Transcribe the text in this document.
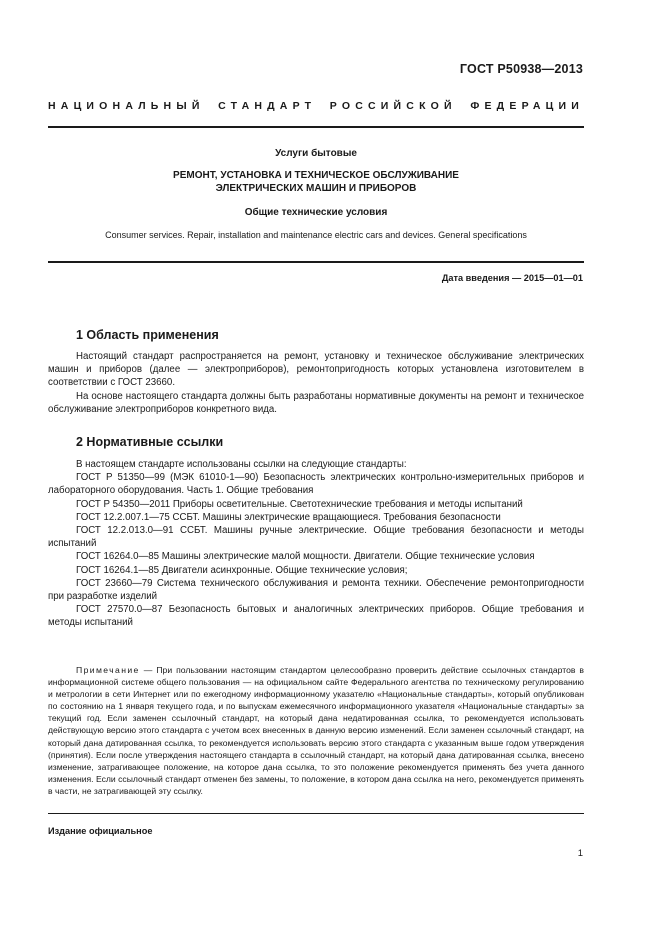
ГОСТ Р50938—2013
НАЦИОНАЛЬНЫЙ СТАНДАРТ РОССИЙСКОЙ ФЕДЕРАЦИИ
Услуги бытовые
РЕМОНТ, УСТАНОВКА И ТЕХНИЧЕСКОЕ ОБСЛУЖИВАНИЕ
ЭЛЕКТРИЧЕСКИХ МАШИН И ПРИБОРОВ
Общие технические условия
Consumer services. Repair, installation and maintenance electric cars and devices. General specifications
Дата введения — 2015—01—01
1 Область применения

Настоящий стандарт распространяется на ремонт, установку и техническое обслуживание электрических машин и приборов (далее — электроприборов), ремонтопригодность которых установлена изготовителем в соответствии с ГОСТ 23660.

На основе настоящего стандарта должны быть разработаны нормативные документы на ремонт и техническое обслуживание электроприборов конкретного вида.

2 Нормативные ссылки

В настоящем стандарте использованы ссылки на следующие стандарты:

ГОСТ Р 51350—99 (МЭК 61010-1—90) Безопасность электрических контрольно-измерительных приборов и лабораторного оборудования. Часть 1. Общие требования

ГОСТ Р 54350—2011 Приборы осветительные. Светотехнические требования и методы испытаний

ГОСТ 12.2.007.1—75 ССБТ. Машины электрические вращающиеся. Требования безопасности

ГОСТ 12.2.013.0—91 ССБТ. Машины ручные электрические. Общие требования безопасности и методы испытаний

ГОСТ 16264.0—85 Машины электрические малой мощности. Двигатели. Общие технические условия

ГОСТ 16264.1—85 Двигатели асинхронные. Общие технические условия;

ГОСТ 23660—79 Система технического обслуживания и ремонта техники. Обеспечение ремонтопригодности при разработке изделий

ГОСТ 27570.0—87 Безопасность бытовых и аналогичных электрических приборов. Общие требования и методы испытаний

Примечание — При пользовании настоящим стандартом целесообразно проверить действие ссылочных стандартов в информационной системе общего пользования — на официальном сайте Федерального агентства по техническому регулированию и метрологии в сети Интернет или по ежегодному информационному указателю «Национальные стандарты», который опубликован по состоянию на 1 января текущего года, и по выпускам ежемесячного информационного указателя «Национальные стандарты» за текущий год. Если заменен ссылочный стандарт, на который дана недатированная ссылка, то рекомендуется использовать действующую версию этого стандарта с учетом всех внесенных в данную версию изменений. Если заменен ссылочный стандарт, на который дана датированная ссылка, то рекомендуется использовать версию этого стандарта с указанным выше годом утверждения (принятия). Если после утверждения настоящего стандарта в ссылочный стандарт, на который дана датированная ссылка, внесено изменение, затрагивающее положение, на которое дана ссылка, то это положение рекомендуется применять без учета данного изменения. Если ссылочный стандарт отменен без замены, то положение, в котором дана ссылка на него, рекомендуется применять в части, не затрагивающей эту ссылку.

Издание официальное
1
